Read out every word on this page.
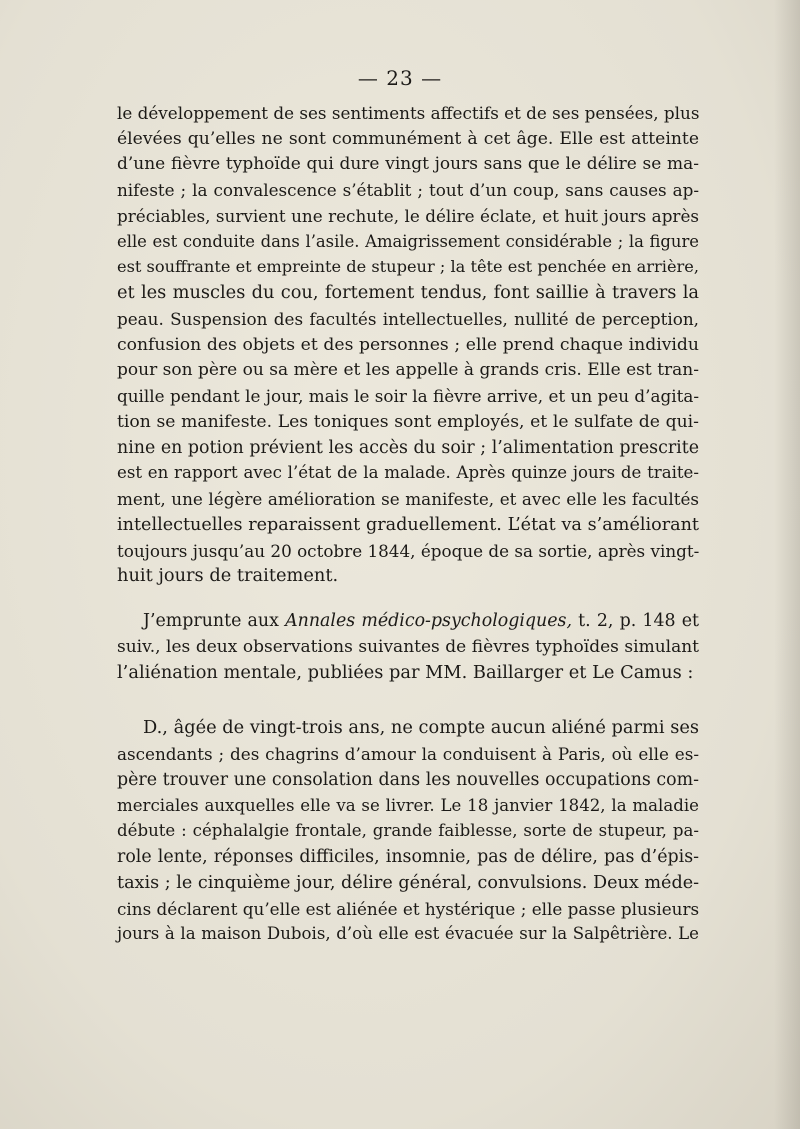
— 23 —
le développement de ses sentiments affectifs et de ses pensées, plus
élevées qu’elles ne sont communément à cet âge. Elle est atteinte
d’une fièvre typhoïde qui dure vingt jours sans que le délire se ma-
nifeste ; la convalescence s’établit ; tout d’un coup, sans causes ap-
préciables, survient une rechute, le délire éclate, et huit jours après
elle est conduite dans l’asile. Amaigrissement considérable ; la figure
est souffrante et empreinte de stupeur ; la tête est penchée en arrière,
et les muscles du cou, fortement tendus, font saillie à travers la
peau. Suspension des facultés intellectuelles, nullité de perception,
confusion des objets et des personnes ; elle prend chaque individu
pour son père ou sa mère et les appelle à grands cris. Elle est tran-
quille pendant le jour, mais le soir la fièvre arrive, et un peu d’agita-
tion se manifeste. Les toniques sont employés, et le sulfate de qui-
nine en potion prévient les accès du soir ; l’alimentation prescrite
est en rapport avec l’état de la malade. Après quinze jours de traite-
ment, une légère amélioration se manifeste, et avec elle les facultés
intellectuelles reparaissent graduellement. L’état va s’améliorant
toujours jusqu’au 20 octobre 1844, époque de sa sortie, après vingt-
huit jours de traitement.
J’emprunte aux Annales médico-psychologiques, t. 2, p. 148 et
suiv., les deux observations suivantes de fièvres typhoïdes simulant
l’aliénation mentale, publiées par MM. Baillarger et Le Camus :
D., âgée de vingt-trois ans, ne compte aucun aliéné parmi ses
ascendants ; des chagrins d’amour la conduisent à Paris, où elle es-
père trouver une consolation dans les nouvelles occupations com-
merciales auxquelles elle va se livrer. Le 18 janvier 1842, la maladie
débute : céphalalgie frontale, grande faiblesse, sorte de stupeur, pa-
role lente, réponses difficiles, insomnie, pas de délire, pas d’épis-
taxis ; le cinquième jour, délire général, convulsions. Deux méde-
cins déclarent qu’elle est aliénée et hystérique ; elle passe plusieurs
jours à la maison Dubois, d’où elle est évacuée sur la Salpêtrière. Le
